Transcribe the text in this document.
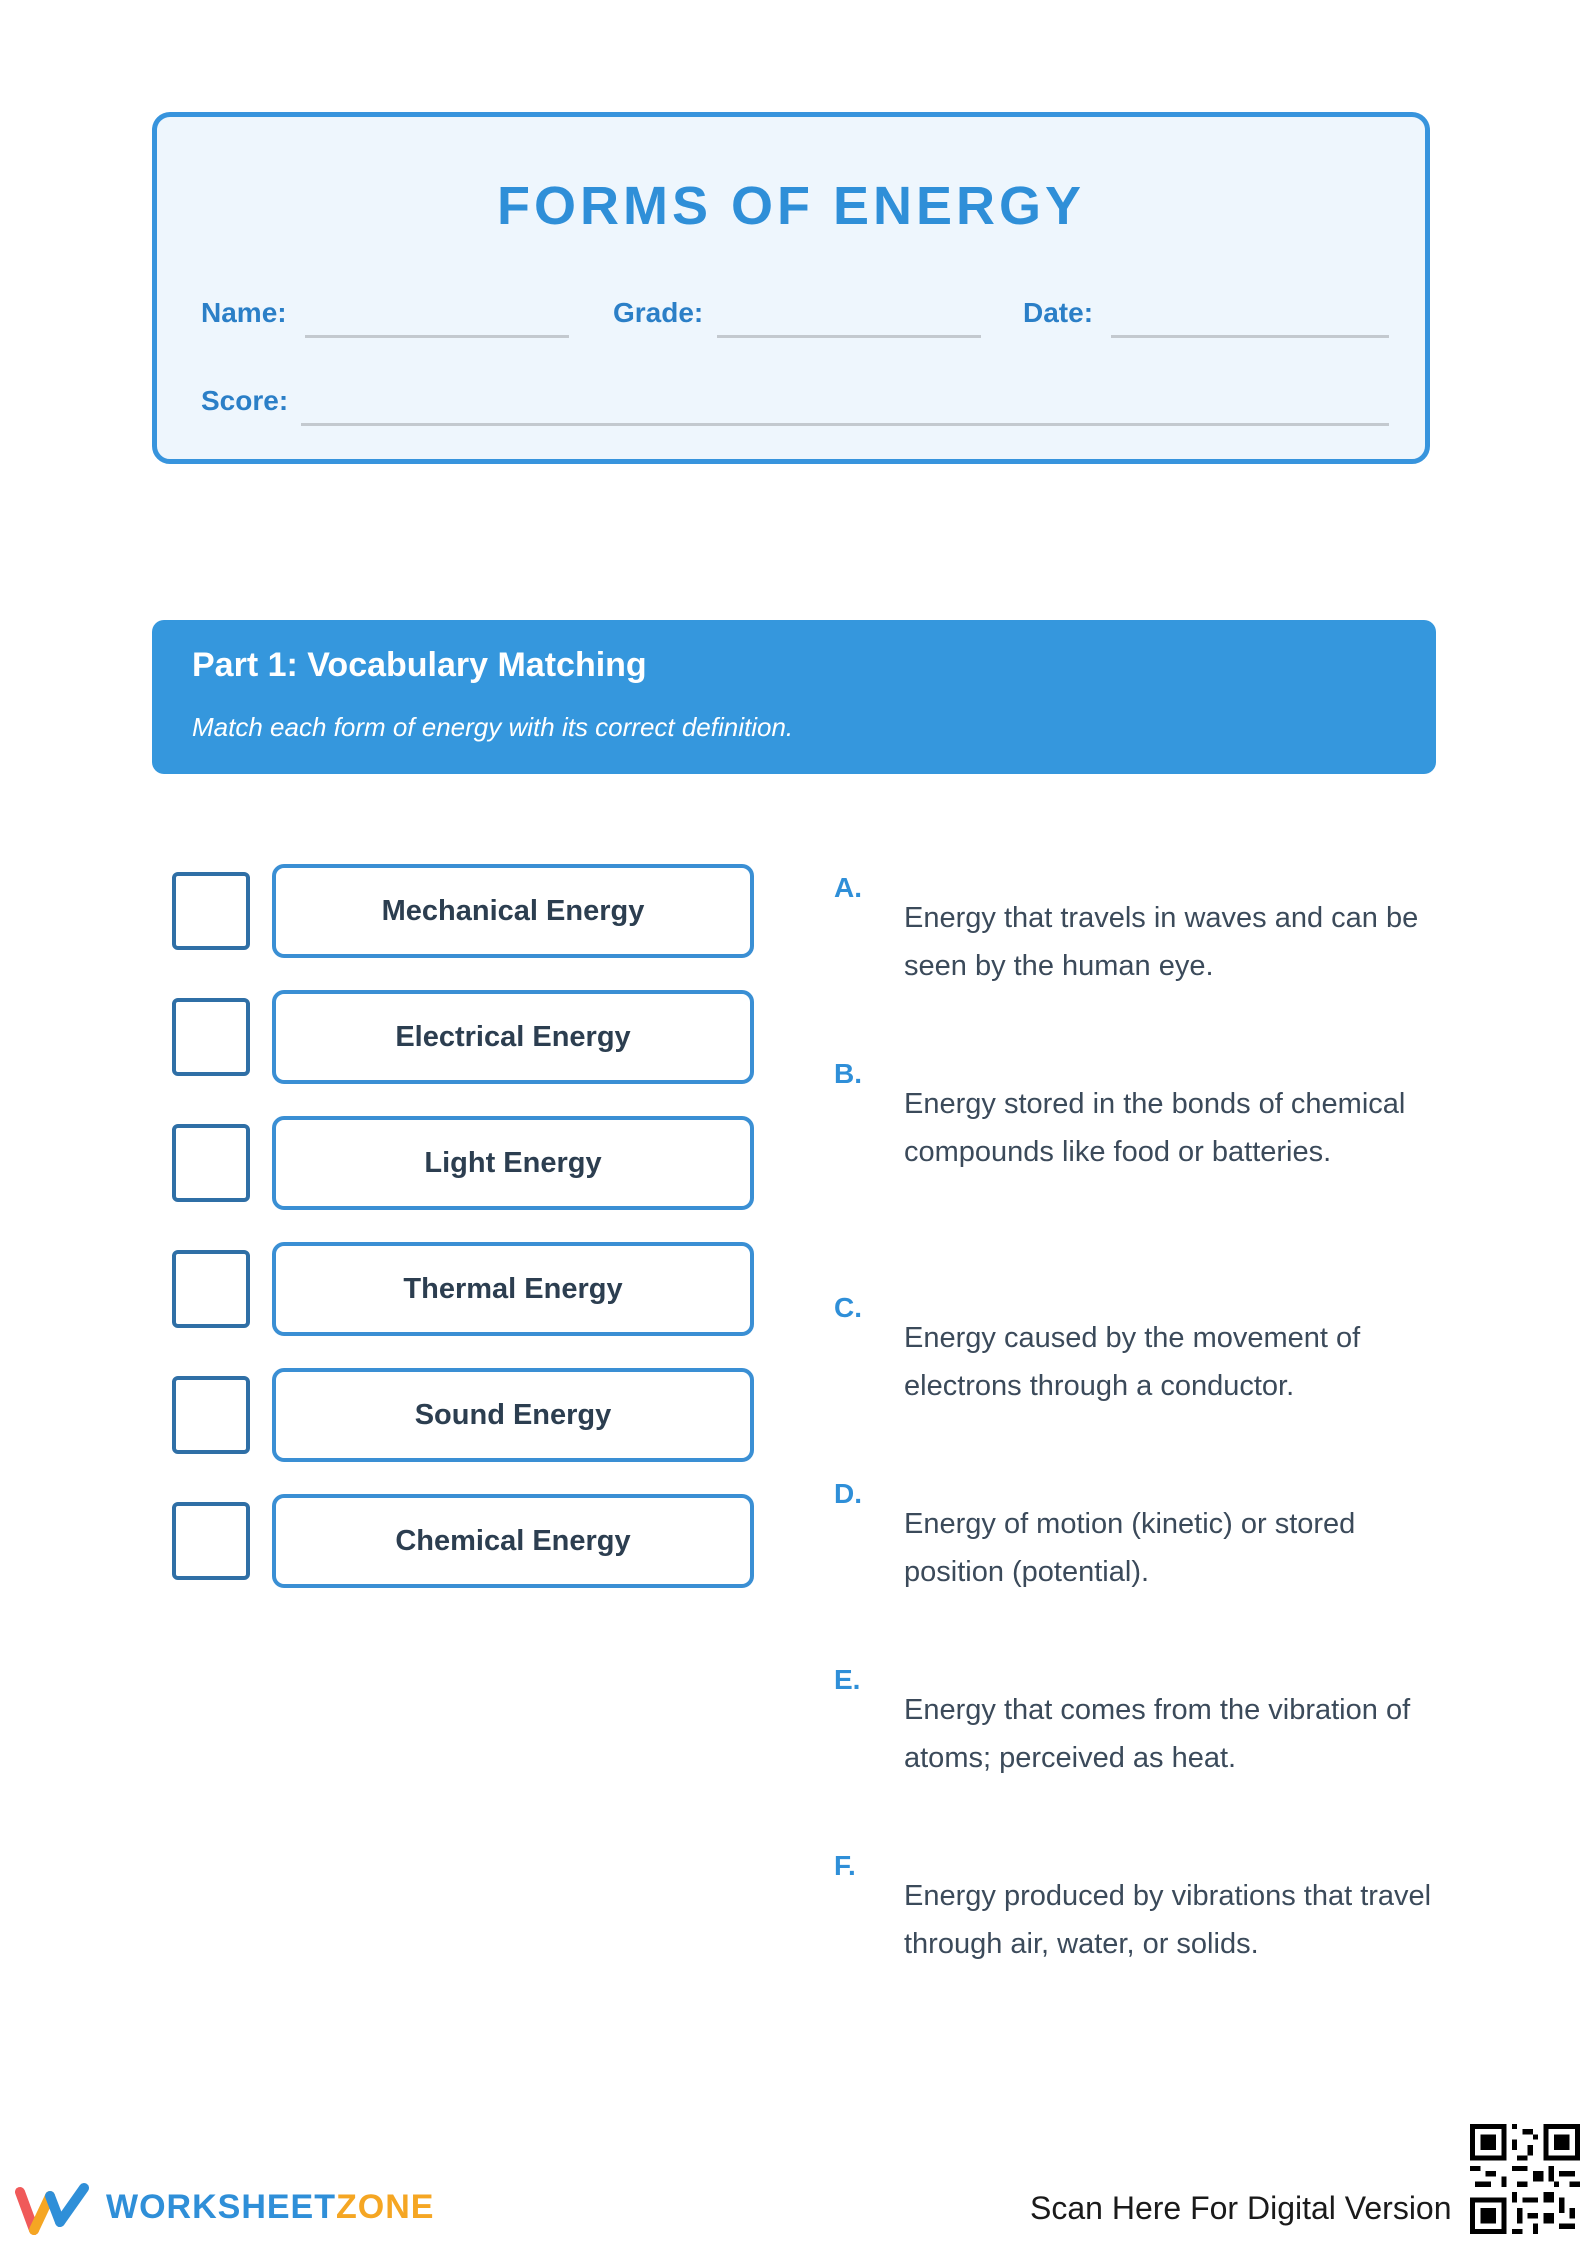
FORMS OF ENERGY
Name:	Grade:	Date:
Score:
Part 1: Vocabulary Matching
Match each form of energy with its correct definition.
Mechanical Energy
Electrical Energy
Light Energy
Thermal Energy
Sound Energy
Chemical Energy
A.
Energy that travels in waves and can be seen by the human eye.
B.
Energy stored in the bonds of chemical compounds like food or batteries.
C.
Energy caused by the movement of electrons through a conductor.
D.
Energy of motion (kinetic) or stored position (potential).
E.
Energy that comes from the vibration of atoms; perceived as heat.
F.
Energy produced by vibrations that travel through air, water, or solids.
WORKSHEETZONE	Scan Here For Digital Version
